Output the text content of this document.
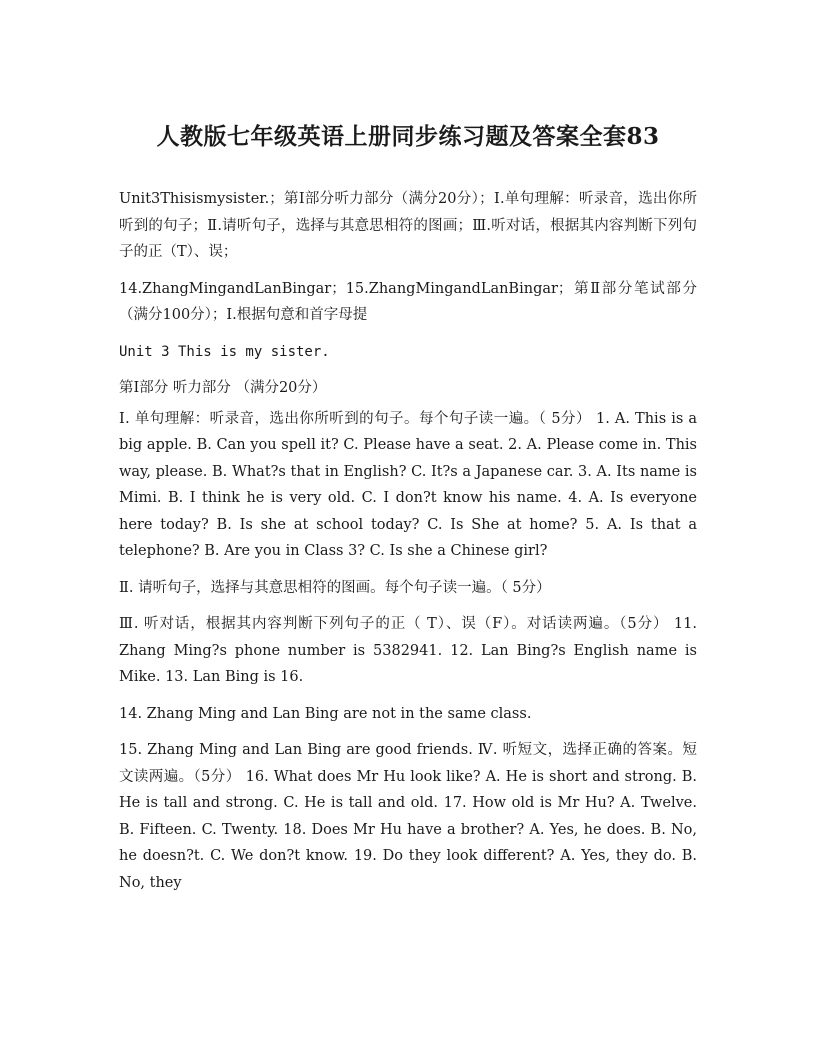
人教版七年级英语上册同步练习题及答案全套83

Unit3Thisismysister.；第Ⅰ部分听力部分（满分20分）；Ⅰ.单句理解：听录音，选出你所听到的句子；Ⅱ.请听句子，选择与其意思相符的图画；Ⅲ.听对话，根据其内容判断下列句子的正（T）、误；

14.ZhangMingandLanBingar；15.ZhangMingandLanBingar；第Ⅱ部分笔试部分（满分100分）；Ⅰ.根据句意和首字母提

Unit 3 This is my sister.

第Ⅰ部分 听力部分 （满分20分）

Ⅰ. 单句理解：听录音，选出你所听到的句子。每个句子读一遍。（ 5分） 1. A. This is a big apple. B. Can you spell it? C. Please have a seat. 2. A. Please come in. This way, please. B. What?s that in English? C. It?s a Japanese car. 3. A. Its name is Mimi. B. I think he is very old. C. I don?t know his name. 4. A. Is everyone here today? B. Is she at school today? C. Is She at home? 5. A. Is that a telephone? B. Are you in Class 3? C. Is she a Chinese girl?

Ⅱ. 请听句子，选择与其意思相符的图画。每个句子读一遍。（ 5分）

Ⅲ. 听对话，根据其内容判断下列句子的正（ T）、误（F）。对话读两遍。（5分） 11. Zhang Ming?s phone number is 5382941. 12. Lan Bing?s English name is Mike. 13. Lan Bing is 16.

14. Zhang Ming and Lan Bing are not in the same class.

15. Zhang Ming and Lan Bing are good friends. Ⅳ. 听短文，选择正确的答案。短文读两遍。（5分） 16. What does Mr Hu look like? A. He is short and strong. B. He is tall and strong. C. He is tall and old. 17. How old is Mr Hu? A. Twelve. B. Fifteen. C. Twenty. 18. Does Mr Hu have a brother? A. Yes, he does. B. No, he doesn?t. C. We don?t know. 19. Do they look different? A. Yes, they do. B. No, they
